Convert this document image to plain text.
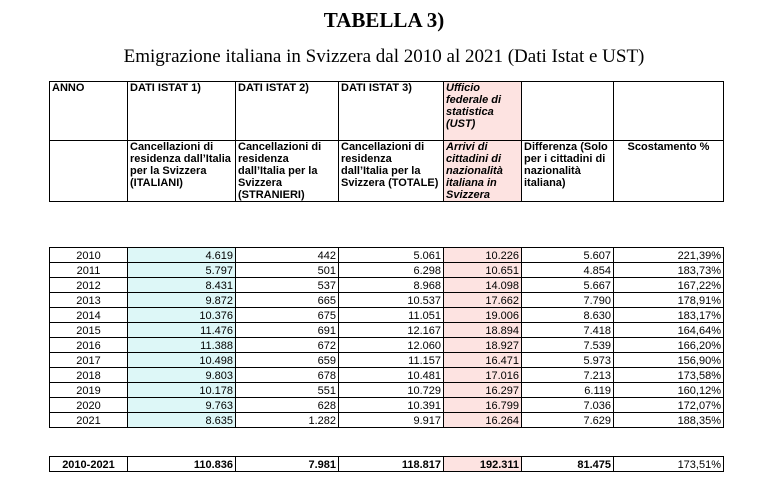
TABELLA 3)
Emigrazione italiana in Svizzera dal 2010 al 2021 (Dati Istat e UST)
ANNO	DATI ISTAT 1)	DATI ISTAT 2)	DATI ISTAT 3)	Ufficio federale di statistica (UST)		
	Cancellazioni di residenza dall’Italia per la Svizzera (ITALIANI)	Cancellazioni di residenza dall’Italia per la Svizzera (STRANIERI)	Cancellazioni di residenza dall’Italia per la Svizzera (TOTALE)	Arrivi di cittadini di nazionalità italiana in Svizzera	Differenza (Solo per i cittadini di nazionalità italiana)	Scostamento %
2010	4.619	442	5.061	10.226	5.607	221,39%
2011	5.797	501	6.298	10.651	4.854	183,73%
2012	8.431	537	8.968	14.098	5.667	167,22%
2013	9.872	665	10.537	17.662	7.790	178,91%
2014	10.376	675	11.051	19.006	8.630	183,17%
2015	11.476	691	12.167	18.894	7.418	164,64%
2016	11.388	672	12.060	18.927	7.539	166,20%
2017	10.498	659	11.157	16.471	5.973	156,90%
2018	9.803	678	10.481	17.016	7.213	173,58%
2019	10.178	551	10.729	16.297	6.119	160,12%
2020	9.763	628	10.391	16.799	7.036	172,07%
2021	8.635	1.282	9.917	16.264	7.629	188,35%
2010-2021	110.836	7.981	118.817	192.311	81.475	173,51%
